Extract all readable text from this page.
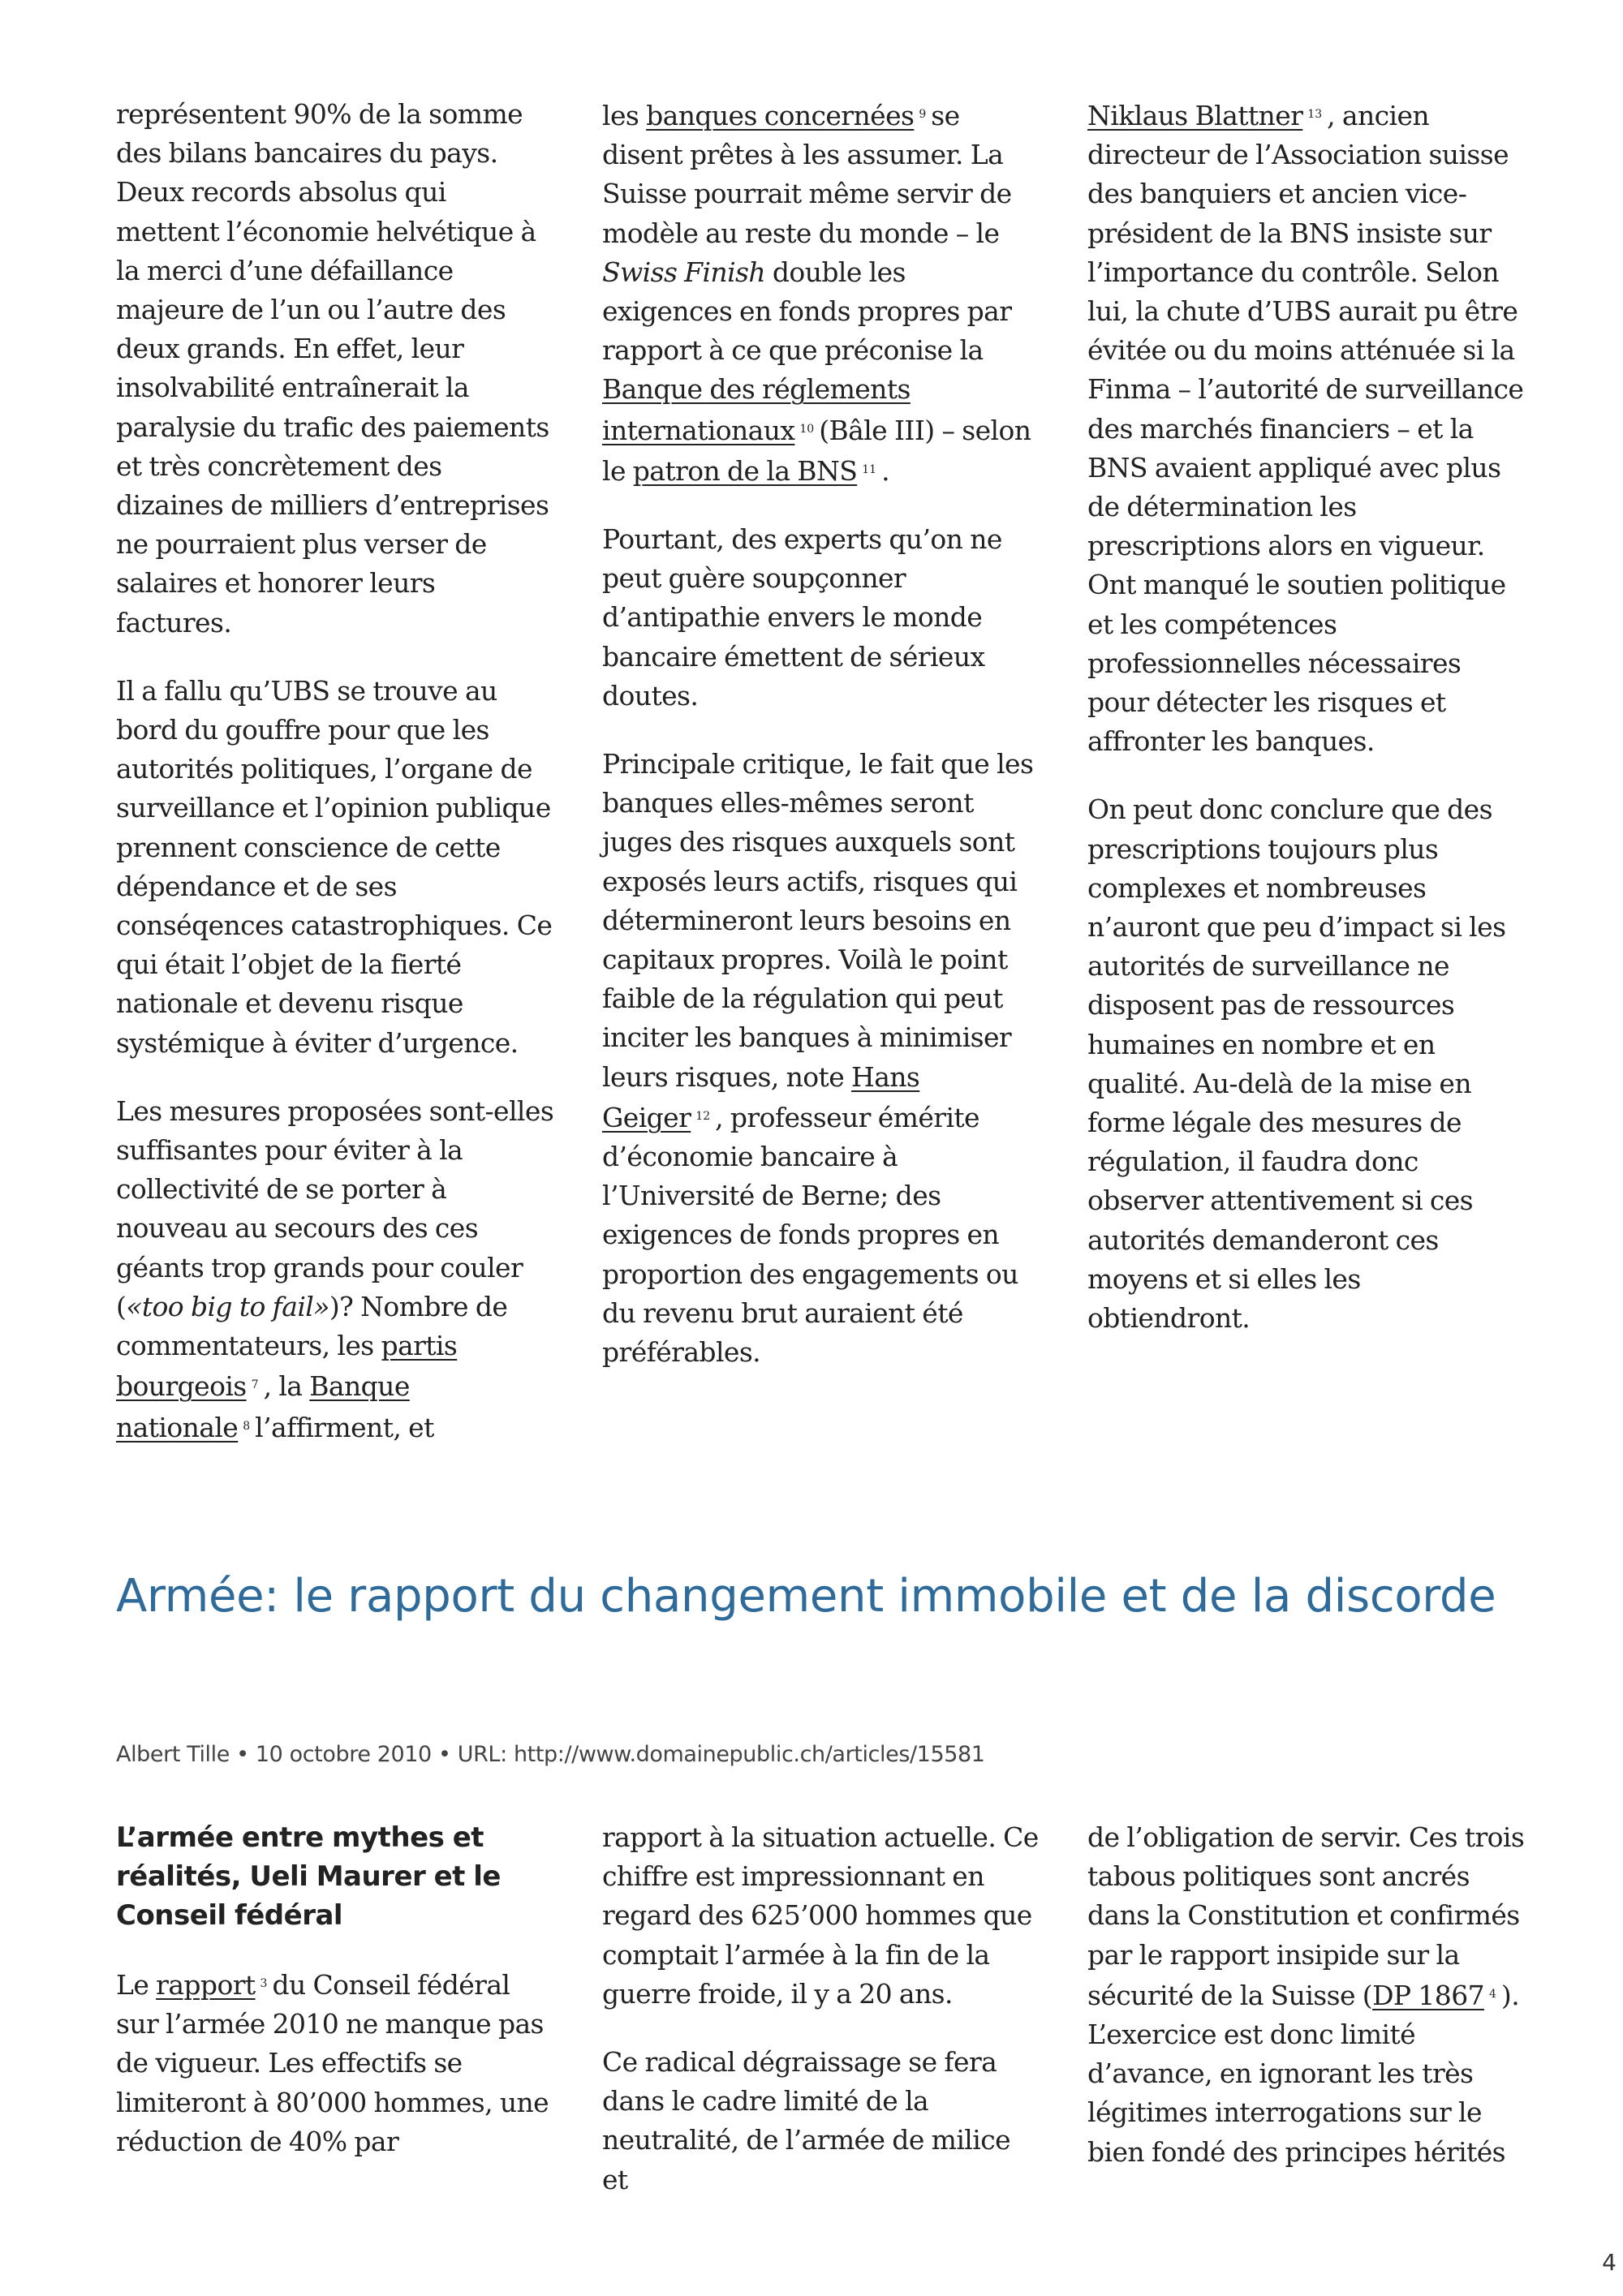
représentent 90% de la somme des bilans bancaires du pays. Deux records absolus qui mettent l’économie helvétique à la merci d’une défaillance majeure de l’un ou l’autre des deux grands. En effet, leur insolvabilité entraînerait la paralysie du trafic des paiements et très concrètement des dizaines de milliers d’entreprises ne pourraient plus verser de salaires et honorer leurs factures.

Il a fallu qu’UBS se trouve au bord du gouffre pour que les autorités politiques, l’organe de surveillance et l’opinion publique prennent conscience de cette dépendance et de ses conséqences catastrophiques. Ce qui était l’objet de la fierté nationale et devenu risque systémique à éviter d’urgence.

Les mesures proposées sont-elles suffisantes pour éviter à la collectivité de se porter à nouveau au secours des ces géants trop grands pour couler («too big to fail»)? Nombre de commentateurs, les partis bourgeois $^7$ , la Banque nationale $^8$ l’affirment, et

les banques concernées $^9$ se disent prêtes à les assumer. La Suisse pourrait même servir de modèle au reste du monde – le Swiss Finish double les exigences en fonds propres par rapport à ce que préconise la Banque des réglements internationaux $^{10}$ (Bâle III) – selon le patron de la BNS $^{11}$ .

Pourtant, des experts qu’on ne peut guère soupçonner d’antipathie envers le monde bancaire émettent de sérieux doutes.

Principale critique, le fait que les banques elles-mêmes seront juges des risques auxquels sont exposés leurs actifs, risques qui détermineront leurs besoins en capitaux propres. Voilà le point faible de la régulation qui peut inciter les banques à minimiser leurs risques, note Hans Geiger $^{12}$ , professeur émérite d’économie bancaire à l’Université de Berne; des exigences de fonds propres en proportion des engagements ou du revenu brut auraient été préférables.

Niklaus Blattner $^{13}$ , ancien directeur de l’Association suisse des banquiers et ancien vice-président de la BNS insiste sur l’importance du contrôle. Selon lui, la chute d’UBS aurait pu être évitée ou du moins atténuée si la Finma – l’autorité de surveillance des marchés financiers – et la BNS avaient appliqué avec plus de détermination les prescriptions alors en vigueur. Ont manqué le soutien politique et les compétences professionnelles nécessaires pour détecter les risques et affronter les banques.

On peut donc conclure que des prescriptions toujours plus complexes et nombreuses n’auront que peu d’impact si les autorités de surveillance ne disposent pas de ressources humaines en nombre et en qualité. Au-delà de la mise en forme légale des mesures de régulation, il faudra donc observer attentivement si ces autorités demanderont ces moyens et si elles les obtiendront.

Armée: le rapport du changement immobile et de la discorde

Albert Tille • 10 octobre 2010 • URL: http://www.domainepublic.ch/articles/15581

L’armée entre mythes et réalités, Ueli Maurer et le Conseil fédéral

Le rapport $^3$ du Conseil fédéral sur l’armée 2010 ne manque pas de vigueur. Les effectifs se limiteront à 80’000 hommes, une réduction de 40% par

rapport à la situation actuelle. Ce chiffre est impressionnant en regard des 625’000 hommes que comptait l’armée à la fin de la guerre froide, il y a 20 ans.

Ce radical dégraissage se fera dans le cadre limité de la neutralité, de l’armée de milice et

de l’obligation de servir. Ces trois tabous politiques sont ancrés dans la Constitution et confirmés par le rapport insipide sur la sécurité de la Suisse (DP 1867 $^4$ ). L’exercice est donc limité d’avance, en ignorant les très légitimes interrogations sur le bien fondé des principes hérités

4
